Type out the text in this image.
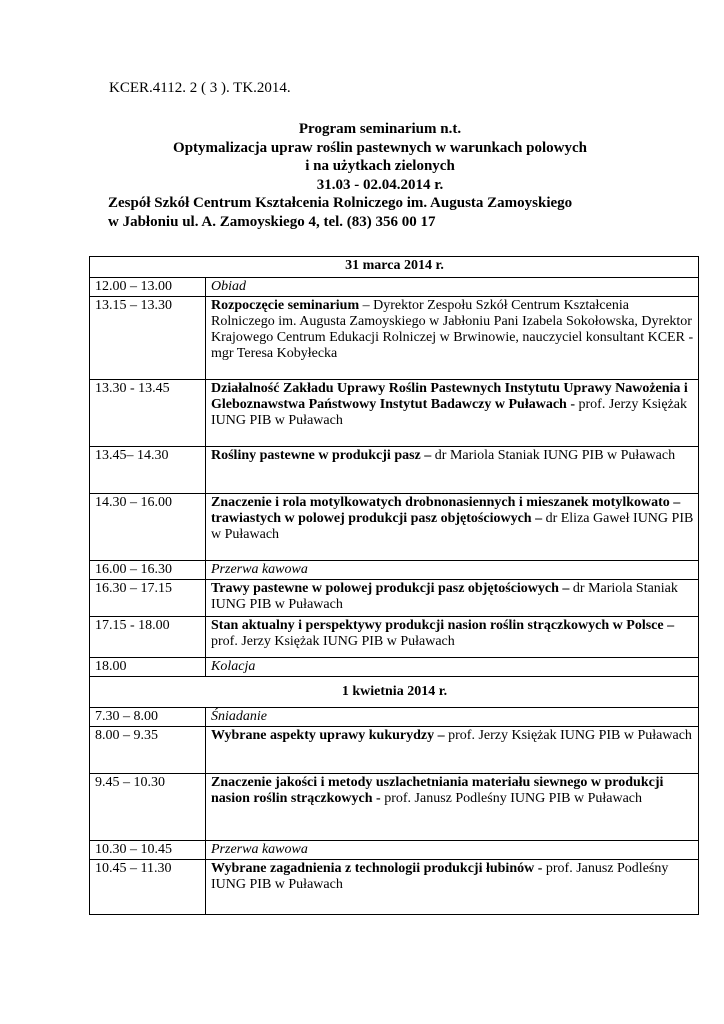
KCER.4112. 2 ( 3 ). TK.2014.
Program seminarium n.t.
Optymalizacja upraw roślin pastewnych w warunkach polowych
i na użytkach zielonych
31.03 - 02.04.2014 r.
Zespół Szkół Centrum Kształcenia Rolniczego im. Augusta Zamoyskiego
w Jabłoniu ul. A. Zamoyskiego 4, tel. (83) 356 00 17
31 marca 2014 r.	
12.00 – 13.00	Obiad
13.15 – 13.30	Rozpoczęcie seminarium – Dyrektor Zespołu Szkół Centrum Kształcenia Rolniczego im. Augusta Zamoyskiego w Jabłoniu Pani Izabela Sokołowska, Dyrektor Krajowego Centrum Edukacji Rolniczej w Brwinowie, nauczyciel konsultant KCER - mgr Teresa Kobyłecka
13.30 - 13.45	Działalność Zakładu Uprawy Roślin Pastewnych Instytutu Uprawy Nawożenia i Gleboznawstwa Państwowy Instytut Badawczy w Puławach - prof. Jerzy Księżak IUNG PIB w Puławach
13.45– 14.30	Rośliny pastewne w produkcji pasz – dr Mariola Staniak IUNG PIB w Puławach
14.30 – 16.00	Znaczenie i rola motylkowatych drobnonasiennych i mieszanek motylkowato – trawiastych w polowej produkcji pasz objętościowych – dr Eliza Gaweł IUNG PIB w Puławach
16.00 – 16.30	Przerwa kawowa
16.30 – 17.15	Trawy pastewne w polowej produkcji pasz objętościowych – dr Mariola Staniak IUNG PIB w Puławach
17.15 - 18.00	Stan aktualny i perspektywy produkcji nasion roślin strączkowych w Polsce – prof. Jerzy Księżak IUNG PIB w Puławach
18.00	Kolacja
1 kwietnia 2014 r.	
7.30 – 8.00	Śniadanie
8.00 – 9.35	Wybrane aspekty uprawy kukurydzy – prof. Jerzy Księżak IUNG PIB w Puławach
9.45 – 10.30	Znaczenie jakości i metody uszlachetniania materiału siewnego w produkcji nasion roślin strączkowych - prof. Janusz Podleśny IUNG PIB w Puławach
10.30 – 10.45	Przerwa kawowa
10.45 – 11.30	Wybrane zagadnienia z technologii produkcji łubinów - prof. Janusz Podleśny IUNG PIB w Puławach
